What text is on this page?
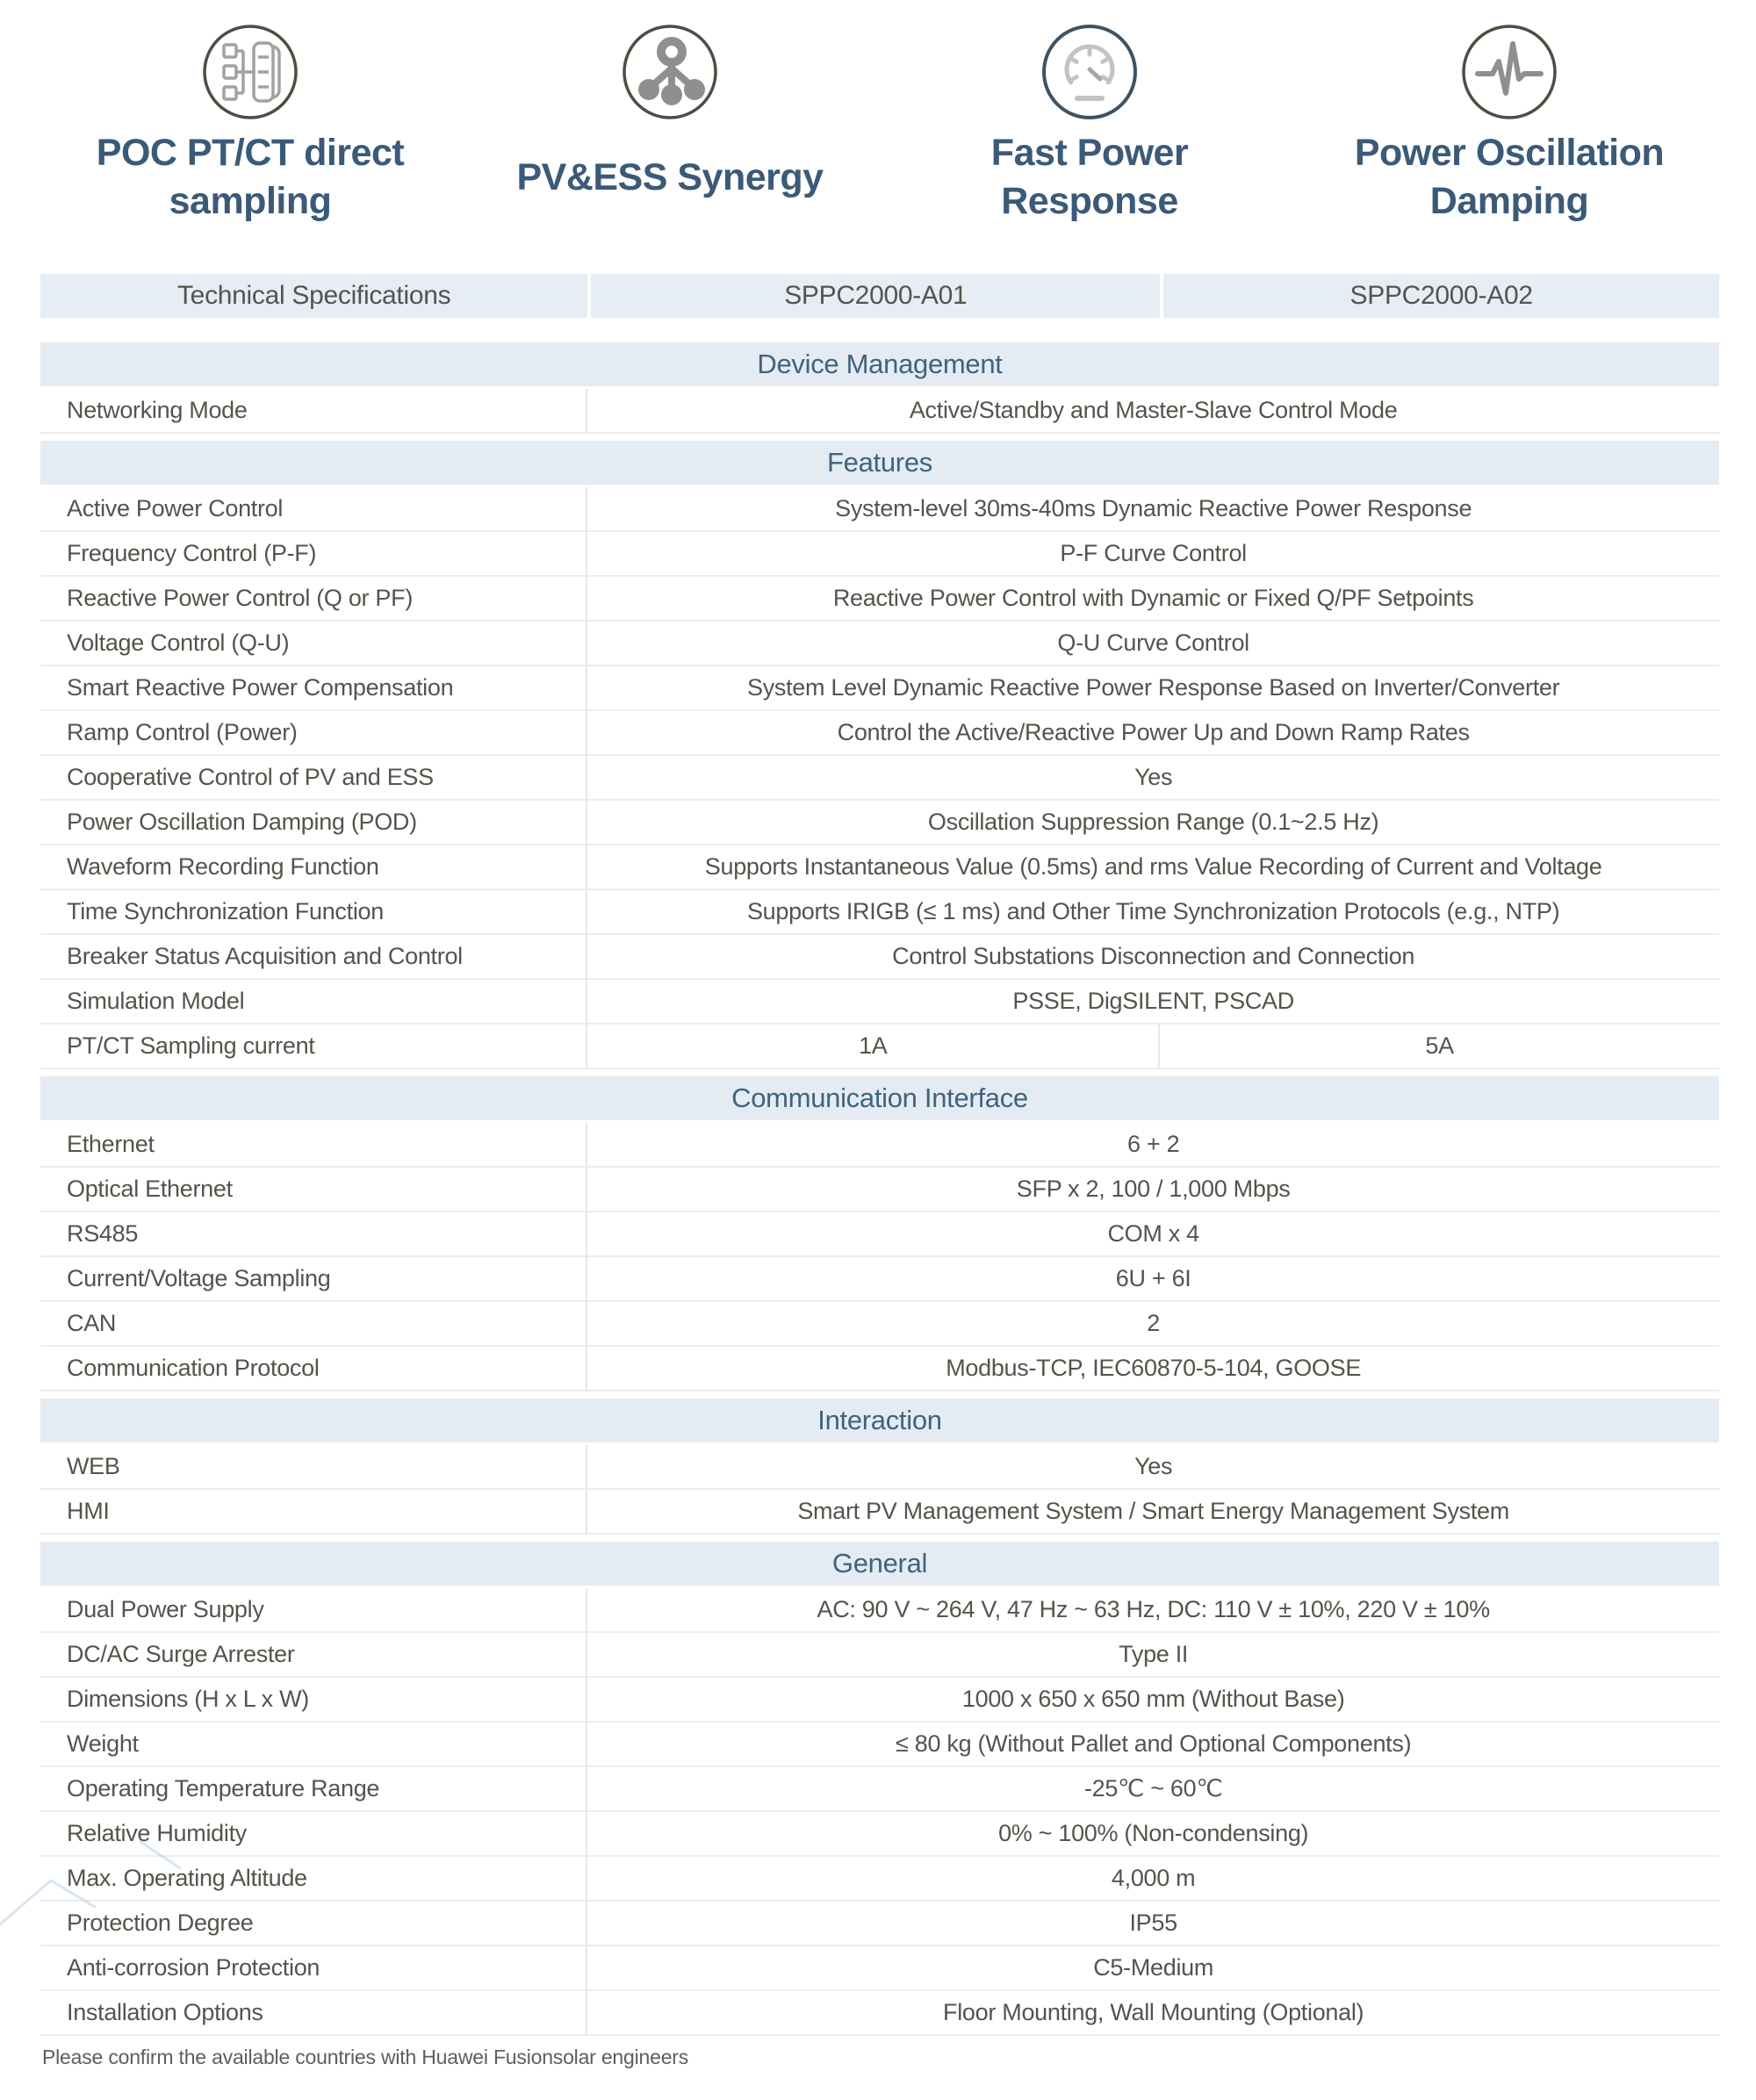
POC PT/CT direct sampling
PV&ESS Synergy
Fast Power Response
Power Oscillation Damping
Technical Specifications	SPPC2000-A01	SPPC2000-A02
Device Management
Networking Mode	Active/Standby and Master-Slave Control Mode
Features
Active Power Control	System-level 30ms-40ms Dynamic Reactive Power Response
Frequency Control (P-F)	P-F Curve Control
Reactive Power Control (Q or PF)	Reactive Power Control with Dynamic or Fixed Q/PF Setpoints
Voltage Control (Q-U)	Q-U Curve Control
Smart Reactive Power Compensation	System Level Dynamic Reactive Power Response Based on Inverter/Converter
Ramp Control (Power)	Control the Active/Reactive Power Up and Down Ramp Rates
Cooperative Control of PV and ESS	Yes
Power Oscillation Damping (POD)	Oscillation Suppression Range (0.1~2.5 Hz)
Waveform Recording Function	Supports Instantaneous Value (0.5ms) and rms Value Recording of Current and Voltage
Time Synchronization Function	Supports IRIGB (≤ 1 ms) and Other Time Synchronization Protocols (e.g., NTP)
Breaker Status Acquisition and Control	Control Substations Disconnection and Connection
Simulation Model	PSSE, DigSILENT, PSCAD
PT/CT Sampling current	1A	5A
Communication Interface
Ethernet	6 + 2
Optical Ethernet	SFP x 2, 100 / 1,000 Mbps
RS485	COM x 4
Current/Voltage Sampling	6U + 6I
CAN	2
Communication Protocol	Modbus-TCP, IEC60870-5-104, GOOSE
Interaction
WEB	Yes
HMI	Smart PV Management System / Smart Energy Management System
General
Dual Power Supply	AC: 90 V ~ 264 V, 47 Hz ~ 63 Hz, DC: 110 V ± 10%, 220 V ± 10%
DC/AC Surge Arrester	Type II
Dimensions (H x L x W)	1000 x 650 x 650 mm (Without Base)
Weight	≤ 80 kg (Without Pallet and Optional Components)
Operating Temperature Range	-25℃ ~ 60℃
Relative Humidity	0% ~ 100% (Non-condensing)
Max. Operating Altitude	4,000 m
Protection Degree	IP55
Anti-corrosion Protection	C5-Medium
Installation Options	Floor Mounting, Wall Mounting (Optional)

Please confirm the available countries with Huawei Fusionsolar engineers
